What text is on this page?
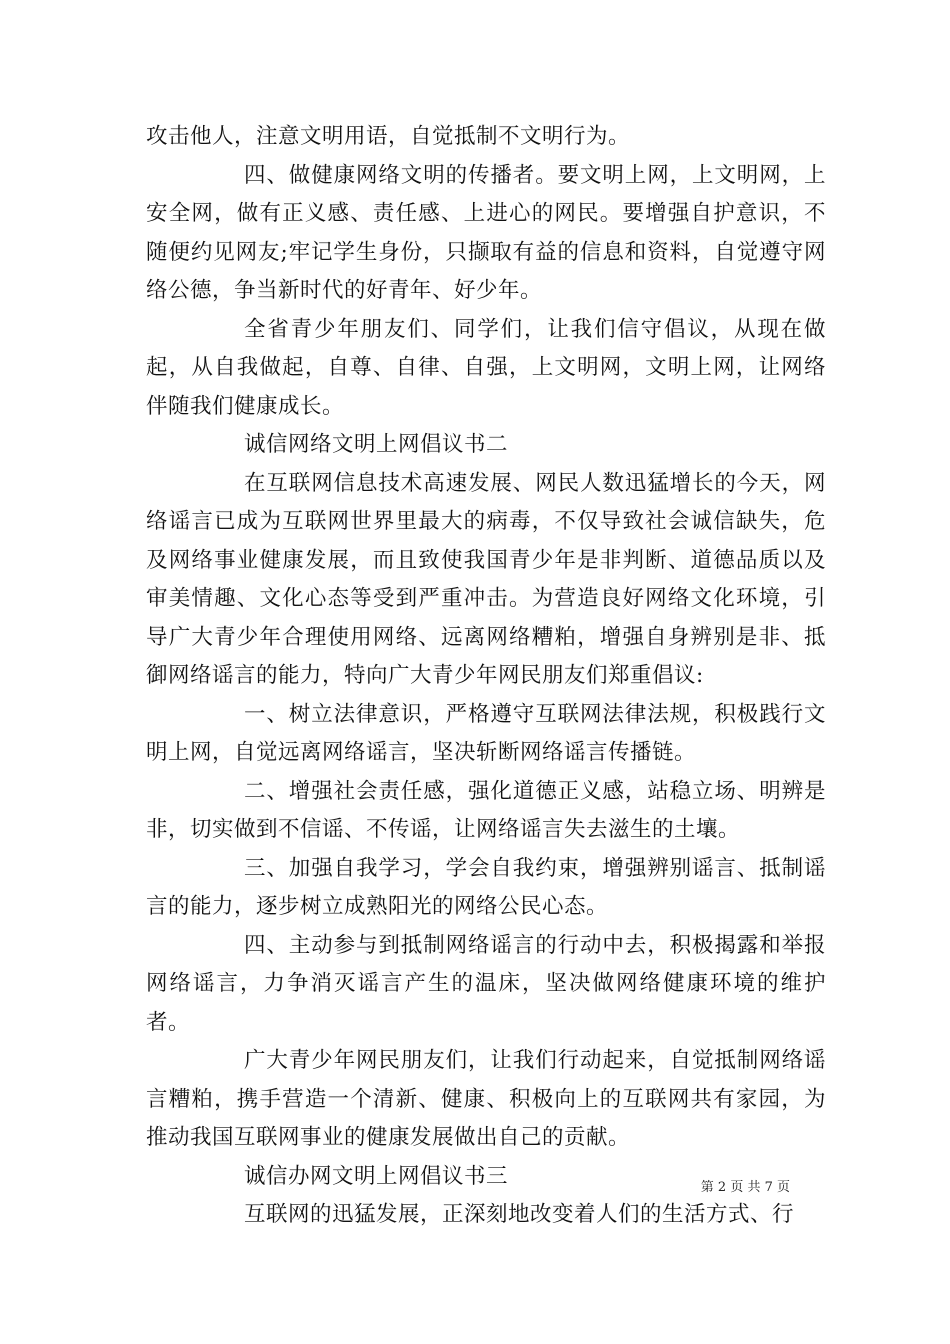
攻击他人，注意文明用语，自觉抵制不文明行为。

四、做健康网络文明的传播者。要文明上网，上文明网，上安全网，做有正义感、责任感、上进心的网民。要增强自护意识，不随便约见网友;牢记学生身份，只撷取有益的信息和资料，自觉遵守网络公德，争当新时代的好青年、好少年。

全省青少年朋友们、同学们，让我们信守倡议，从现在做起，从自我做起，自尊、自律、自强，上文明网，文明上网，让网络伴随我们健康成长。

诚信网络文明上网倡议书二

在互联网信息技术高速发展、网民人数迅猛增长的今天，网络谣言已成为互联网世界里最大的病毒，不仅导致社会诚信缺失，危及网络事业健康发展，而且致使我国青少年是非判断、道德品质以及审美情趣、文化心态等受到严重冲击。为营造良好网络文化环境，引导广大青少年合理使用网络、远离网络糟粕，增强自身辨别是非、抵御网络谣言的能力，特向广大青少年网民朋友们郑重倡议:

一、树立法律意识，严格遵守互联网法律法规，积极践行文明上网，自觉远离网络谣言，坚决斩断网络谣言传播链。

二、增强社会责任感，强化道德正义感，站稳立场、明辨是非，切实做到不信谣、不传谣，让网络谣言失去滋生的土壤。

三、加强自我学习，学会自我约束，增强辨别谣言、抵制谣言的能力，逐步树立成熟阳光的网络公民心态。

四、主动参与到抵制网络谣言的行动中去，积极揭露和举报网络谣言，力争消灭谣言产生的温床，坚决做网络健康环境的维护者。

广大青少年网民朋友们，让我们行动起来，自觉抵制网络谣言糟粕，携手营造一个清新、健康、积极向上的互联网共有家园，为推动我国互联网事业的健康发展做出自己的贡献。

诚信办网文明上网倡议书三

互联网的迅猛发展，正深刻地改变着人们的生活方式、行

第 2 页 共 7 页
